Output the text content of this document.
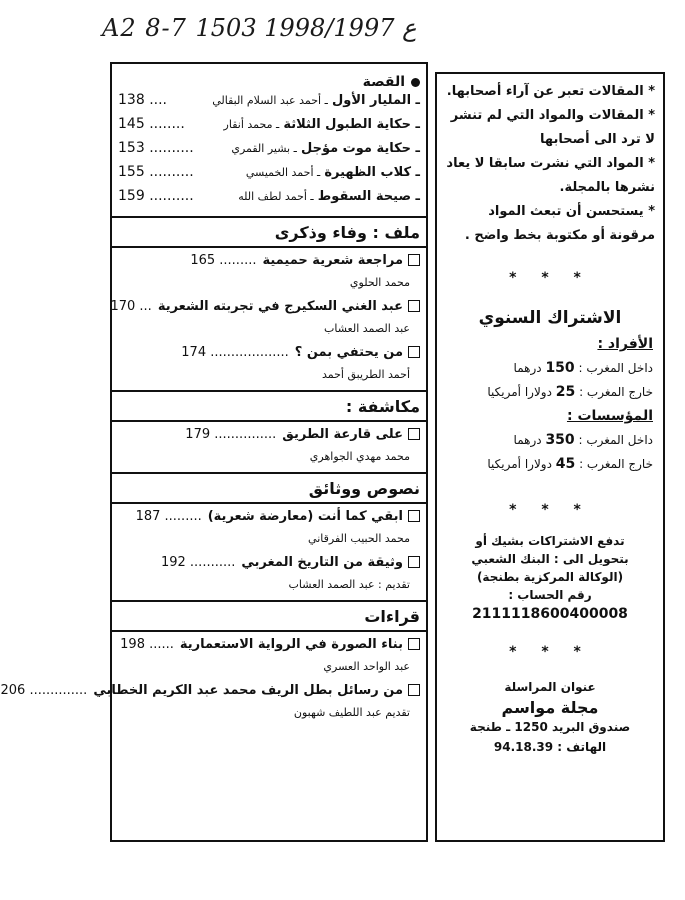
A2 8-7 ع 1998/1997 1503
القصة
ـ المليار الأول ـ أحمد عبد السلام البقالي
138 ....
ـ حكاية الطبول الثلاثة ـ محمد أنقار
145 ........
ـ حكاية موت مؤجل ـ بشير القمري
153 ..........
ـ كلاب الظهيرة ـ أحمد الخميسي
155 ..........
ـ صيحة السقوط ـ أحمد لطف الله
159 ..........
ملف : وفاء وذكرى
مراجعة شعرية حميمية
165 .........
محمد الحلوي
عبد الغني السكيرج في تجربته الشعرية
170 ...
عبد الصمد العشاب
من يحتفي بمن ؟
174 ...................
أحمد الطريبق أحمد
مكاشفة :
على قارعة الطريق
179 ...............
محمد مهدي الجواهري
نصوص ووثائق
ابقي كما أنت (معارضة شعرية)
187 .........
محمد الحبيب الفرقاني
وثيقة من التاريخ المغربي
192 ...........
تقديم : عبد الصمد العشاب
قراءات
بناء الصورة في الرواية الاستعمارية
198 ......
عبد الواحد العسري
من رسائل بطل الريف محمد عبد الكريم الخطابي
206 ..............
تقديم عبد اللطيف شهبون
* المقالات تعبر عن آراء أصحابها.
* المقالات والمواد التي لم تنشر لا ترد الى أصحابها
* المواد التي نشرت سابقا لا يعاد نشرها بالمجلة.
* يستحسن أن تبعث المواد مرقونة أو مكتوبة بخط واضح .
* * *
الاشتراك السنوي
الأفراد :
داخل المغرب : 150 درهما
خارج المغرب : 25 دولارا أمريكيا
المؤسسات :
داخل المغرب : 350 درهما
خارج المغرب : 45 دولارا أمريكيا
* * *
تدفع الاشتراكات بشيك أو
بتحويل الى : البنك الشعبي
(الوكالة المركزية بطنجة)
رقم الحساب :
2111118600400008
* * *
عنوان المراسلة
مجلة مواسم
صندوق البريد 1250 ـ طنجة
الهاتف : 94.18.39
